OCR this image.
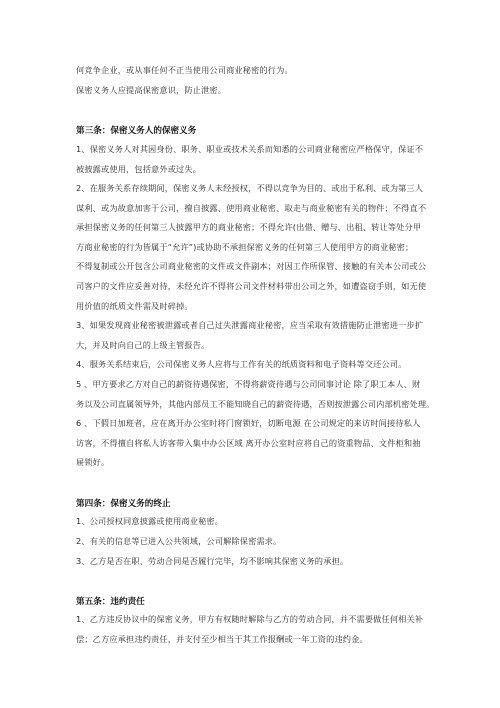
何竞争企业，或从事任何不正当使用公司商业秘密的行为。
保密义务人应提高保密意识，防止泄密。
第三条：保密义务人的保密义务
1、保密义务人对其因身份、职务、职业或技术关系而知悉的公司商业秘密应严格保守，保证不
被披露或使用，包括意外或过失。
2、在服务关系存续期间，保密义务人未经授权，不得以竞争为目的、或出于私利、或为第三人
谋利、或为故意加害于公司，擅自披露、使用商业秘密、取走与商业秘密有关的物件；不得直不
承担保密义务的任何第三人披露甲方的商业秘密；不得允许(出借、赠与、出租、转让等处分甲
方商业秘密的行为皆属于“允许”)或协助不承担保密义务的任何第三人使用甲方的商业秘密；
不得复制或公开包含公司商业秘密的文件或文件副本；对因工作所保管、接触的有关本公司或公
司客户的文件应妥善对待，未经允许不得将公司文件材料带出公司之外，如遭盗窃手则，如无使
用价值的纸质文件需及时碎掉。
3、如果发现商业秘密被泄露或者自己过失泄露商业秘密，应当采取有效措施防止泄密进一步扩
大，并及时向自己的上级主管报告。
4、服务关系结束后，公司保密义务人应将与工作有关的纸质资料和电子资料等交还公司。
5 、甲方要求乙方对自己的薪资待遇保密，不得将薪资待遇与公司同事讨论 除了职工本人、财
务以及公司直属领导外，其他内部员工不能知晓自己的薪资待遇，否则按泄露公司内部机密处理。
6 、下假日加班者，应在离开办公室时将门窗锁好，切断电源 在公司规定的来访时间接待私人
访客，不得擅自将私人访客带入集中办公区域 离开办公室时应将自己的资重物品、文件柜和抽
屉锁好。
第四条：保密义务的终止
1、公司授权同意披露或使用商业秘密。
2、有关的信息等已进入公共领域，公司解除保密需求。
3、乙方是否在职、劳动合同是否履行完毕，均不影响其保密义务的承担。
第五条：违约责任
1、乙方违反协议中的保密义务，甲方有权随时解除与乙方的劳动合同，并不需要做任何相关补
偿；乙方应承担违约责任，并支付至少相当于其工作报酬或一年工资的违约金。
